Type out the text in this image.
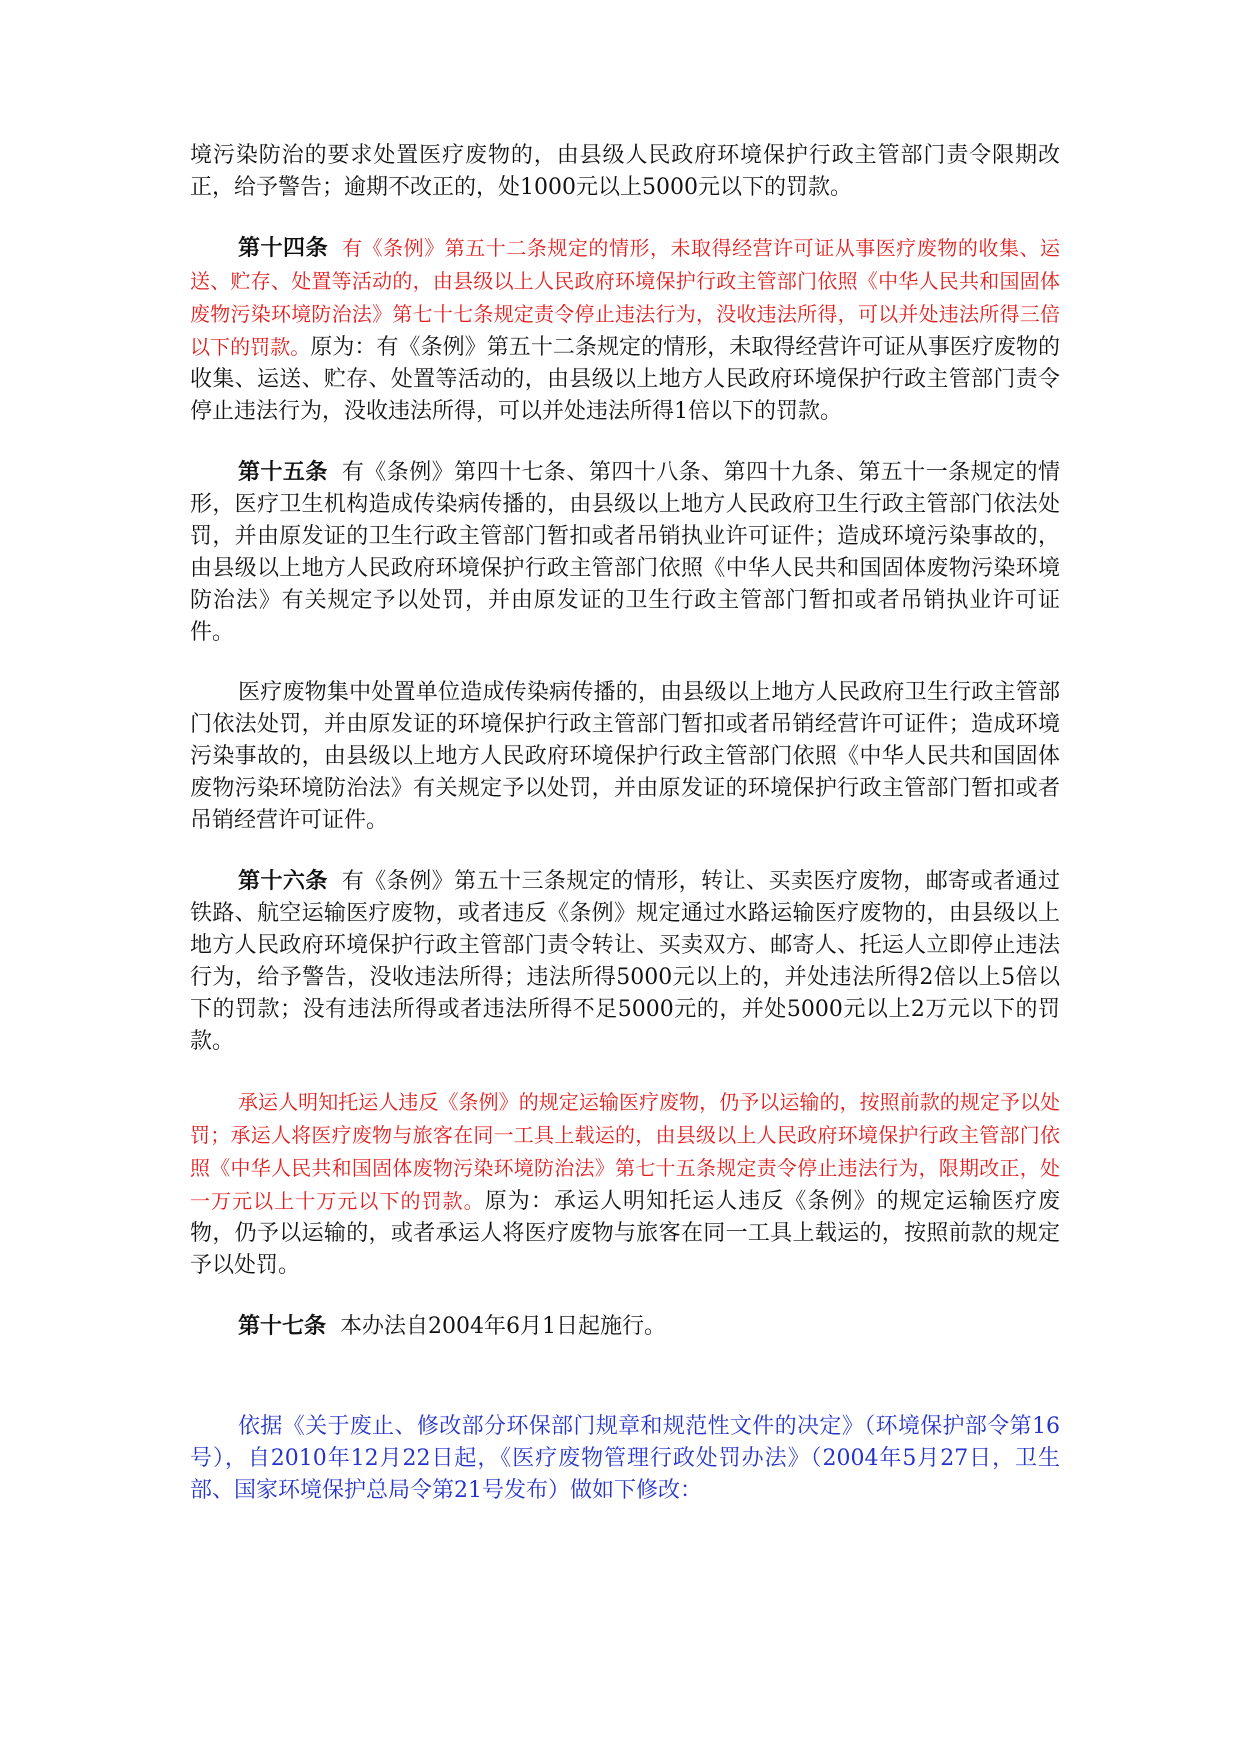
境污染防治的要求处置医疗废物的，由县级人民政府环境保护行政主管部门责令限期改正，给予警告；逾期不改正的，处1000元以上5000元以下的罚款。

第十四条 有《条例》第五十二条规定的情形，未取得经营许可证从事医疗废物的收集、运送、贮存、处置等活动的，由县级以上人民政府环境保护行政主管部门依照《中华人民共和国固体废物污染环境防治法》第七十七条规定责令停止违法行为，没收违法所得，可以并处违法所得三倍以下的罚款。原为：有《条例》第五十二条规定的情形，未取得经营许可证从事医疗废物的收集、运送、贮存、处置等活动的，由县级以上地方人民政府环境保护行政主管部门责令停止违法行为，没收违法所得，可以并处违法所得1倍以下的罚款。

第十五条 有《条例》第四十七条、第四十八条、第四十九条、第五十一条规定的情形，医疗卫生机构造成传染病传播的，由县级以上地方人民政府卫生行政主管部门依法处罚，并由原发证的卫生行政主管部门暂扣或者吊销执业许可证件；造成环境污染事故的，由县级以上地方人民政府环境保护行政主管部门依照《中华人民共和国固体废物污染环境防治法》有关规定予以处罚，并由原发证的卫生行政主管部门暂扣或者吊销执业许可证件。

医疗废物集中处置单位造成传染病传播的，由县级以上地方人民政府卫生行政主管部门依法处罚，并由原发证的环境保护行政主管部门暂扣或者吊销经营许可证件；造成环境污染事故的，由县级以上地方人民政府环境保护行政主管部门依照《中华人民共和国固体废物污染环境防治法》有关规定予以处罚，并由原发证的环境保护行政主管部门暂扣或者吊销经营许可证件。

第十六条 有《条例》第五十三条规定的情形，转让、买卖医疗废物，邮寄或者通过铁路、航空运输医疗废物，或者违反《条例》规定通过水路运输医疗废物的，由县级以上地方人民政府环境保护行政主管部门责令转让、买卖双方、邮寄人、托运人立即停止违法行为，给予警告，没收违法所得；违法所得5000元以上的，并处违法所得2倍以上5倍以下的罚款；没有违法所得或者违法所得不足5000元的，并处5000元以上2万元以下的罚款。

承运人明知托运人违反《条例》的规定运输医疗废物，仍予以运输的，按照前款的规定予以处罚；承运人将医疗废物与旅客在同一工具上载运的，由县级以上人民政府环境保护行政主管部门依照《中华人民共和国固体废物污染环境防治法》第七十五条规定责令停止违法行为，限期改正，处一万元以上十万元以下的罚款。原为：承运人明知托运人违反《条例》的规定运输医疗废物，仍予以运输的，或者承运人将医疗废物与旅客在同一工具上载运的，按照前款的规定予以处罚。

第十七条 本办法自2004年6月1日起施行。

依据《关于废止、修改部分环保部门规章和规范性文件的决定》（环境保护部令第16号），自2010年12月22日起，《医疗废物管理行政处罚办法》（2004年5月27日，卫生部、国家环境保护总局令第21号发布）做如下修改：
